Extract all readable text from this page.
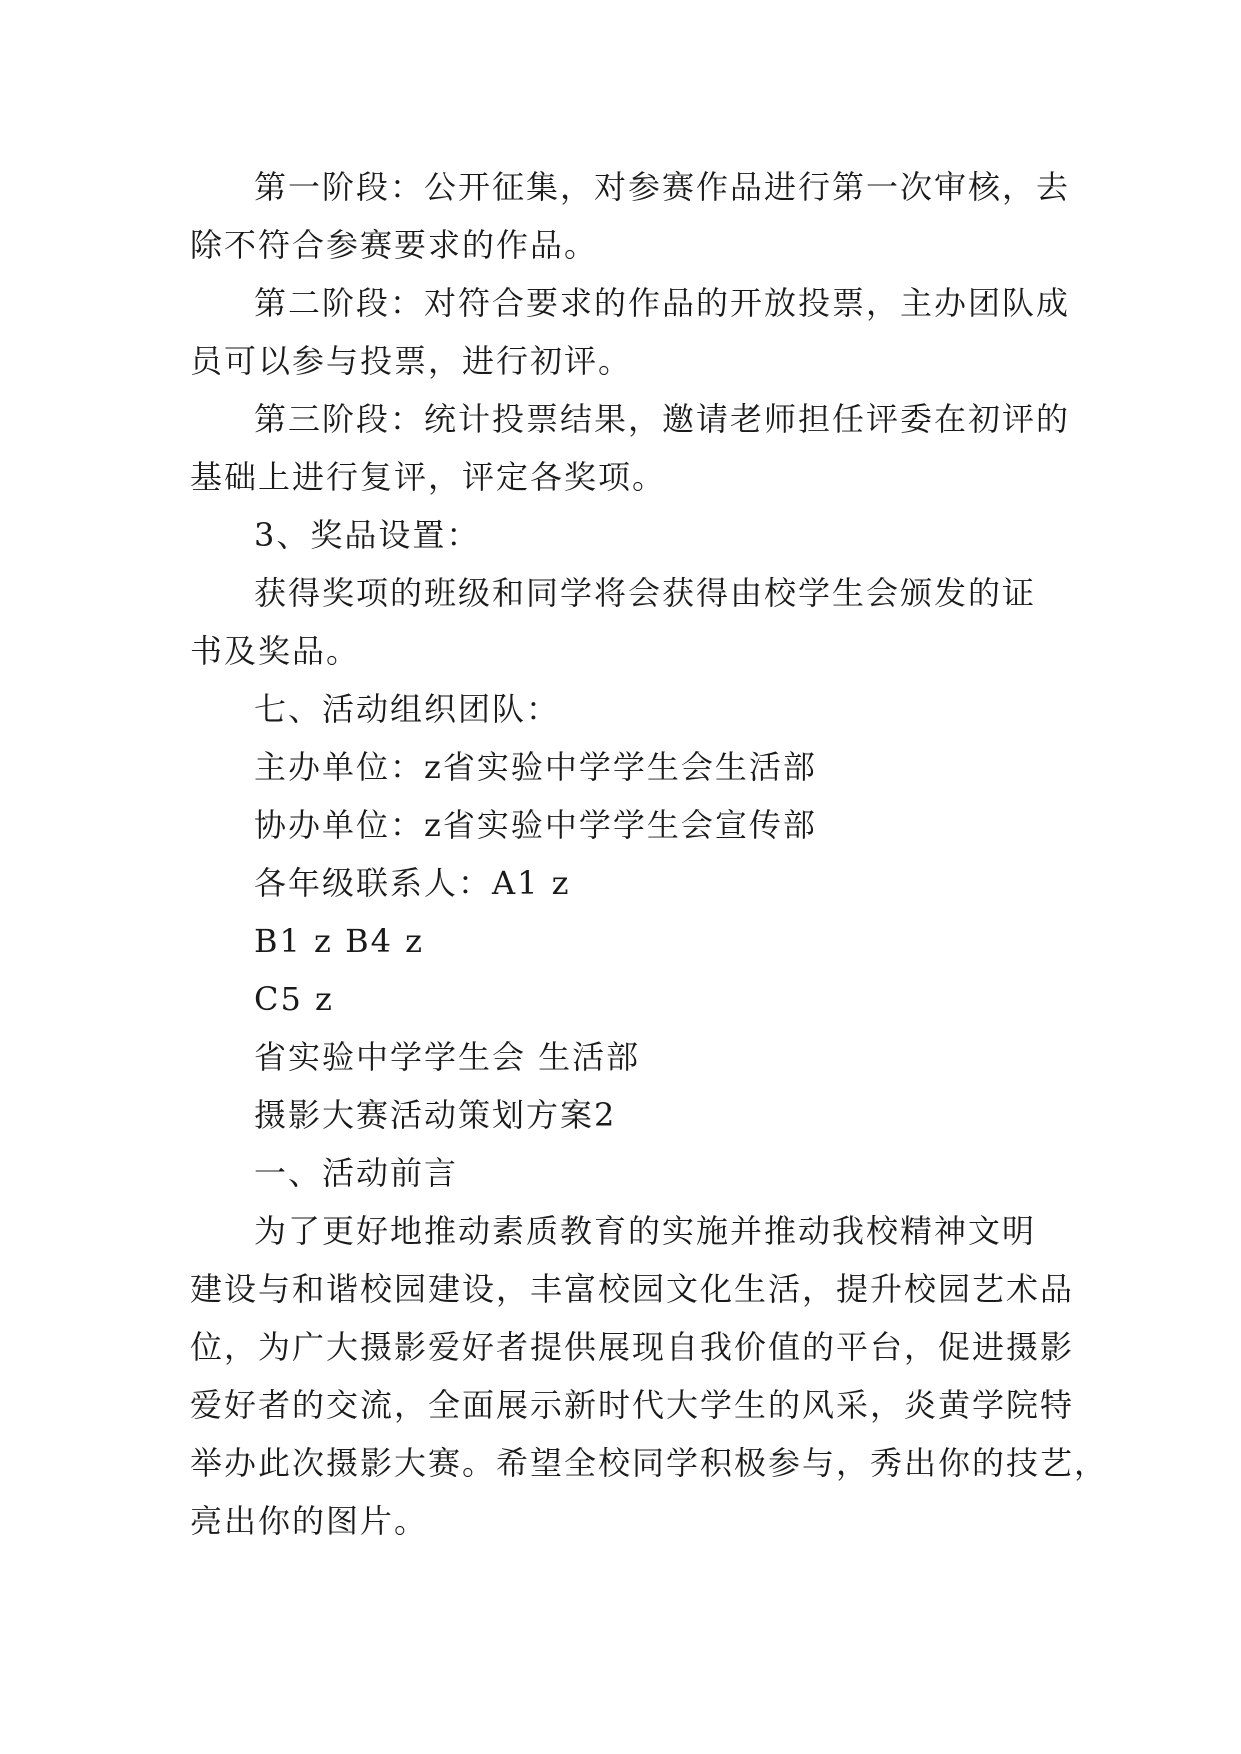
第一阶段：公开征集，对参赛作品进行第一次审核，去
除不符合参赛要求的作品。
第二阶段：对符合要求的作品的开放投票，主办团队成
员可以参与投票，进行初评。
第三阶段：统计投票结果，邀请老师担任评委在初评的
基础上进行复评，评定各奖项。
3、奖品设置：
获得奖项的班级和同学将会获得由校学生会颁发的证
书及奖品。
七、活动组织团队：
主办单位：z省实验中学学生会生活部
协办单位：z省实验中学学生会宣传部
各年级联系人：A1 z
B1 z B4 z
C5 z
省实验中学学生会 生活部
摄影大赛活动策划方案2
一、活动前言
为了更好地推动素质教育的实施并推动我校精神文明
建设与和谐校园建设，丰富校园文化生活，提升校园艺术品
位，为广大摄影爱好者提供展现自我价值的平台，促进摄影
爱好者的交流，全面展示新时代大学生的风采，炎黄学院特
举办此次摄影大赛。希望全校同学积极参与，秀出你的技艺，
亮出你的图片。
